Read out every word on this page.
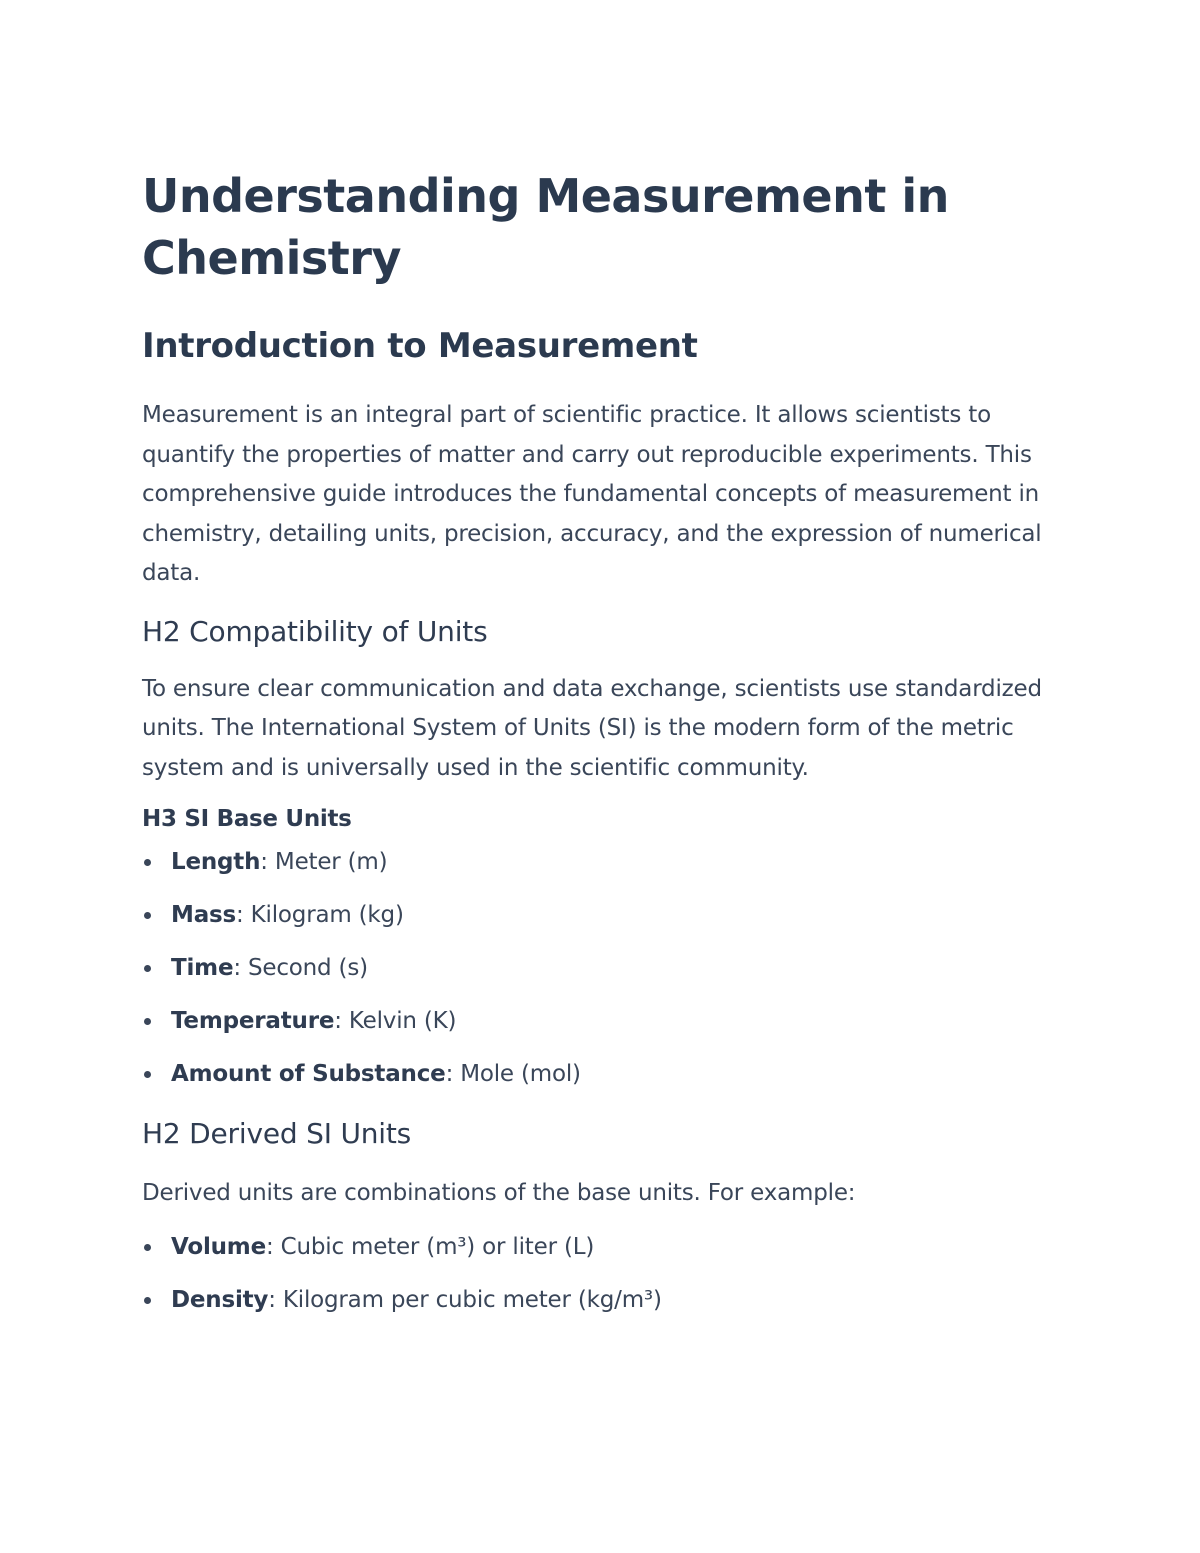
Understanding Measurement in Chemistry
Introduction to Measurement

Measurement is an integral part of scientific practice. It allows scientists to quantify the properties of matter and carry out reproducible experiments. This comprehensive guide introduces the fundamental concepts of measurement in chemistry, detailing units, precision, accuracy, and the expression of numerical data.

H2 Compatibility of Units

To ensure clear communication and data exchange, scientists use standardized units. The International System of Units (SI) is the modern form of the metric system and is universally used in the scientific community.

H3 SI Base Units
Length: Meter (m)
Mass: Kilogram (kg)
Time: Second (s)
Temperature: Kelvin (K)
Amount of Substance: Mole (mol)
H2 Derived SI Units

Derived units are combinations of the base units. For example:

Volume: Cubic meter (m³) or liter (L)
Density: Kilogram per cubic meter (kg/m³)
